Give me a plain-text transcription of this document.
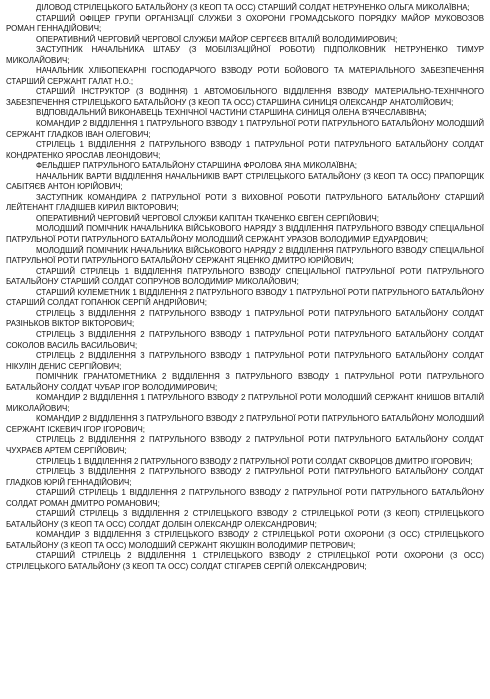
ДІЛОВОД СТРІЛЕЦЬКОГО БАТАЛЬЙОНУ (З КЕОП ТА ОСС) СТАРШИЙ СОЛДАТ НЕТРУНЕНКО ОЛЬГА МИКОЛАЇВНА;

СТАРШИЙ ОФІЦЕР ГРУПИ ОРГАНІЗАЦІЇ СЛУЖБИ З ОХОРОНИ ГРОМАДСЬКОГО ПОРЯДКУ МАЙОР МУКОВОЗОВ РОМАН ГЕННАДІЙОВИЧ;

ОПЕРАТИВНИЙ ЧЕРГОВИЙ ЧЕРГОВОЇ СЛУЖБИ МАЙОР СЕРГЄЄВ ВІТАЛІЙ ВОЛОДИМИРОВИЧ;

ЗАСТУПНИК НАЧАЛЬНИКА ШТАБУ (З МОБІЛІЗАЦІЙНОЇ РОБОТИ) ПІДПОЛКОВНИК НЕТРУНЕНКО ТИМУР МИКОЛАЙОВИЧ;

НАЧАЛЬНИК ХЛІБОПЕКАРНІ ГОСПОДАРЧОГО ВЗВОДУ РОТИ БОЙОВОГО ТА МАТЕРІАЛЬНОГО ЗАБЕЗПЕЧЕННЯ СТАРШИЙ СЕРЖАНТ ГАЛАТ Н.О.;

СТАРШИЙ ІНСТРУКТОР (З ВОДІННЯ) 1 АВТОМОБІЛЬНОГО ВІДДІЛЕННЯ ВЗВОДУ МАТЕРІАЛЬНО-ТЕХНІЧНОГО ЗАБЕЗПЕЧЕННЯ СТРІЛЕЦЬКОГО БАТАЛЬЙОНУ (З КЕОП ТА ОСС) СТАРШИНА СИНИЦЯ ОЛЕКСАНДР АНАТОЛІЙОВИЧ;

ВІДПОВІДАЛЬНИЙ ВИКОНАВЕЦЬ ТЕХНІЧНОЇ ЧАСТИНИ СТАРШИНА СИНИЦЯ ОЛЕНА В'ЯЧЕСЛАВІВНА;

КОМАНДИР 2 ВІДДІЛЕННЯ 1 ПАТРУЛЬНОГО ВЗВОДУ 1 ПАТРУЛЬНОЇ РОТИ ПАТРУЛЬНОГО БАТАЛЬЙОНУ МОЛОДШИЙ СЕРЖАНТ ГЛАДКОВ ІВАН ОЛЕГОВИЧ;

СТРІЛЕЦЬ 1 ВІДДІЛЕННЯ 2 ПАТРУЛЬНОГО ВЗВОДУ 1 ПАТРУЛЬНОЇ РОТИ ПАТРУЛЬНОГО БАТАЛЬЙОНУ СОЛДАТ КОНДРАТЕНКО ЯРОСЛАВ ЛЕОНІДОВИЧ;

ФЕЛЬДШЕР ПАТРУЛЬНОГО БАТАЛЬЙОНУ СТАРШИНА ФРОЛОВА ЯНА МИКОЛАЇВНА;

НАЧАЛЬНИК ВАРТИ ВІДДІЛЕННЯ НАЧАЛЬНИКІВ ВАРТ СТРІЛЕЦЬКОГО БАТАЛЬЙОНУ (З КЕОП ТА ОСС) ПРАПОРЩИК САБІТЯЄВ АНТОН ЮРІЙОВИЧ;

ЗАСТУПНИК КОМАНДИРА 2 ПАТРУЛЬНОЇ РОТИ З ВИХОВНОЇ РОБОТИ ПАТРУЛЬНОГО БАТАЛЬЙОНУ СТАРШИЙ ЛЕЙТЕНАНТ ГЛАДІШЕВ КИРИЛ ВІКТОРОВИЧ;

ОПЕРАТИВНИЙ ЧЕРГОВИЙ ЧЕРГОВОЇ СЛУЖБИ КАПІТАН ТКАЧЕНКО ЄВГЕН СЕРГІЙОВИЧ;

МОЛОДШИЙ ПОМІЧНИК НАЧАЛЬНИКА ВІЙСЬКОВОГО НАРЯДУ 3 ВІДДІЛЕННЯ ПАТРУЛЬНОГО ВЗВОДУ СПЕЦІАЛЬНОЇ ПАТРУЛЬНОЇ РОТИ ПАТРУЛЬНОГО БАТАЛЬЙОНУ МОЛОДШИЙ СЕРЖАНТ УРАЗОВ ВОЛОДИМИР ЕДУАРДОВИЧ;

МОЛОДШИЙ ПОМІЧНИК НАЧАЛЬНИКА ВІЙСЬКОВОГО НАРЯДУ 2 ВІДДІЛЕННЯ ПАТРУЛЬНОГО ВЗВОДУ СПЕЦІАЛЬНОЇ ПАТРУЛЬНОЇ РОТИ ПАТРУЛЬНОГО БАТАЛЬЙОНУ СЕРЖАНТ ЯЦЕНКО ДМИТРО ЮРІЙОВИЧ;

СТАРШИЙ СТРІЛЕЦЬ 1 ВІДДІЛЕННЯ ПАТРУЛЬНОГО ВЗВОДУ СПЕЦІАЛЬНОЇ ПАТРУЛЬНОЇ РОТИ ПАТРУЛЬНОГО БАТАЛЬЙОНУ СТАРШИЙ СОЛДАТ СОПРУНОВ ВОЛОДИМИР МИКОЛАЙОВИЧ;

СТАРШИЙ КУЛЕМЕТНИК 1 ВІДДІЛЕННЯ 2 ПАТРУЛЬНОГО ВЗВОДУ 1 ПАТРУЛЬНОЇ РОТИ ПАТРУЛЬНОГО БАТАЛЬЙОНУ СТАРШИЙ СОЛДАТ ГОПАНЮК СЕРГІЙ АНДРІЙОВИЧ;

СТРІЛЕЦЬ 3 ВІДДІЛЕННЯ 2 ПАТРУЛЬНОГО ВЗВОДУ 1 ПАТРУЛЬНОЇ РОТИ ПАТРУЛЬНОГО БАТАЛЬЙОНУ СОЛДАТ РАЗІНЬКОВ ВІКТОР ВІКТОРОВИЧ;

СТРІЛЕЦЬ 3 ВІДДІЛЕННЯ 2 ПАТРУЛЬНОГО ВЗВОДУ 1 ПАТРУЛЬНОЇ РОТИ ПАТРУЛЬНОГО БАТАЛЬЙОНУ СОЛДАТ СОКОЛОВ ВАСИЛЬ ВАСИЛЬОВИЧ;

СТРІЛЕЦЬ 2 ВІДДІЛЕННЯ 3 ПАТРУЛЬНОГО ВЗВОДУ 1 ПАТРУЛЬНОЇ РОТИ ПАТРУЛЬНОГО БАТАЛЬЙОНУ СОЛДАТ НІКУЛІН ДЕНИС СЕРГІЙОВИЧ;

ПОМІЧНИК ГРАНАТОМЕТНИКА 2 ВІДДІЛЕННЯ 3 ПАТРУЛЬНОГО ВЗВОДУ 1 ПАТРУЛЬНОЇ РОТИ ПАТРУЛЬНОГО БАТАЛЬЙОНУ СОЛДАТ ЧУБАР ІГОР ВОЛОДИМИРОВИЧ;

КОМАНДИР 2 ВІДДІЛЕННЯ 1 ПАТРУЛЬНОГО ВЗВОДУ 2 ПАТРУЛЬНОЇ РОТИ МОЛОДШИЙ СЕРЖАНТ КНИШОВ ВІТАЛІЙ МИКОЛАЙОВИЧ;

КОМАНДИР 2 ВІДДІЛЕННЯ 3 ПАТРУЛЬНОГО ВЗВОДУ 2 ПАТРУЛЬНОЇ РОТИ ПАТРУЛЬНОГО БАТАЛЬЙОНУ МОЛОДШИЙ СЕРЖАНТ ІСКЕВИЧ ІГОР ІГОРОВИЧ;

СТРІЛЕЦЬ 2 ВІДДІЛЕННЯ 2 ПАТРУЛЬНОГО ВЗВОДУ 2 ПАТРУЛЬНОЇ РОТИ ПАТРУЛЬНОГО БАТАЛЬЙОНУ СОЛДАТ ЧУХРАЄВ АРТЕМ СЕРГІЙОВИЧ;

СТРІЛЕЦЬ 1 ВІДДІЛЕННЯ 2 ПАТРУЛЬНОГО ВЗВОДУ 2 ПАТРУЛЬНОЇ РОТИ СОЛДАТ СКВОРЦОВ ДМИТРО ІГОРОВИЧ;

СТРІЛЕЦЬ 3 ВІДДІЛЕННЯ 2 ПАТРУЛЬНОГО ВЗВОДУ 2 ПАТРУЛЬНОЇ РОТИ ПАТРУЛЬНОГО БАТАЛЬЙОНУ СОЛДАТ ГЛАДКОВ ЮРІЙ ГЕННАДІЙОВИЧ;

СТАРШИЙ СТРІЛЕЦЬ 1 ВІДДІЛЕННЯ 2 ПАТРУЛЬНОГО ВЗВОДУ 2 ПАТРУЛЬНОЇ РОТИ ПАТРУЛЬНОГО БАТАЛЬЙОНУ СОЛДАТ РОМАН ДМИТРО РОМАНОВИЧ;

СТАРШИЙ СТРІЛЕЦЬ 3 ВІДДІЛЕННЯ 2 СТРІЛЕЦЬКОГО ВЗВОДУ 2 СТРІЛЕЦЬКОЇ РОТИ (З КЕОП) СТРІЛЕЦЬКОГО БАТАЛЬЙОНУ (З КЕОП ТА ОСС) СОЛДАТ ДОЛБІН ОЛЕКСАНДР ОЛЕКСАНДРОВИЧ;

КОМАНДИР 3 ВІДДІЛЕННЯ 3 СТРІЛЕЦЬКОГО ВЗВОДУ 2 СТРІЛЕЦЬКОЇ РОТИ ОХОРОНИ (З ОСС) СТРІЛЕЦЬКОГО БАТАЛЬЙОНУ (З КЕОП ТА ОСС) МОЛОДШИЙ СЕРЖАНТ ЯКУШКІН ВОЛОДИМИР ПЕТРОВИЧ;

СТАРШИЙ СТРІЛЕЦЬ 2 ВІДДІЛЕННЯ 1 СТРІЛЕЦЬКОГО ВЗВОДУ 2 СТРІЛЕЦЬКОЇ РОТИ ОХОРОНИ (З ОСС) СТРІЛЕЦЬКОГО БАТАЛЬЙОНУ (З КЕОП ТА ОСС) СОЛДАТ СТІГАРЕВ СЕРГІЙ ОЛЕКСАНДРОВИЧ;
